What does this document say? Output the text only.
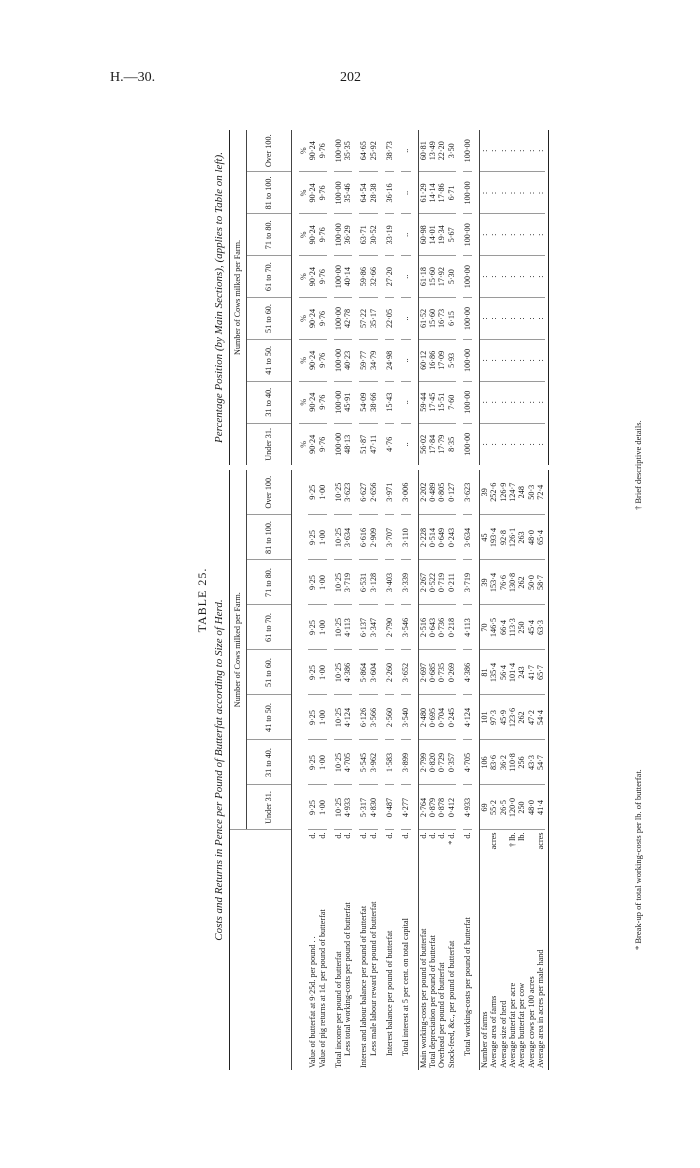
H.—30.	202
TABLE 25. Costs and Returns in Pence per Pound of Butterfat according to Size of Herd.
Percentage Position (by Main Sections), (applies to Table on left).
		Number of Cows milked per Farm.							
		Under 31.	31 to 40.	41 to 50.	51 to 60.	61 to 70.	71 to 80.	81 to 100.	Over 100.

Value of butterfat at 9·25d. per pound . .	d.	9·25	9·25	9·25	9·25	9·25	9·25	9·25	9·25
Value of pig returns at 1d. per pound of butterfat	d.	1·00	1·00	1·00	1·00	1·00	1·00	1·00	1·00

Total income per pound of butterfat	d.	10·25	10·25	10·25	10·25	10·25	10·25	10·25	10·25
Less total working-costs per pound of butterfat	d.	4·933	4·705	4·124	4·386	4·113	3·719	3·634	3·623

Interest and labour balance per pound of butterfat	d.	5·317	5·545	6·126	5·864	6·137	6·531	6·616	6·627
Less male labour reward per pound of butterfat	d.	4·830	3·962	3·566	3·604	3·347	3·128	2·909	2·656

Interest balance per pound of butterfat	d.	0·487	1·583	2·560	2·260	2·790	3·403	3·707	3·971

Total interest at 5 per cent. on total capital	d.	4·277	3·899	3·540	3·652	3·546	3·339	3·110	3·006

Main working-costs per pound of butterfat	d.	2·764	2·799	2·480	2·697	2·516	2·267	2·228	2·202
Total depreciation per pound of butterfat	d.	0·879	0·820	0·695	0·685	0·643	0·522	0·514	0·489
Overhead per pound of butterfat	d.	0·878	0·729	0·704	0·735	0·736	0·719	0·649	0·805
Stock-feed, &c., per pound of butterfat	*d.	0·412	0·357	0·245	0·269	0·218	0·211	0·243	0·127

Total working-costs per pound of butterfat	d.	4·933	4·705	4·124	4·386	4·113	3·719	3·634	3·623

Number of farms		69	106	101	81	70	39	45	39
Average area of farms	acres	55·2	83·6	97·3	135·4	146·5	153·4	193·4	252·6
Average size of herd		26·5	36·2	45·9	56·4	66·4	76·6	92·8	126·9
Average butterfat per acre	†lb.	120·0	110·8	123·6	101·4	113·3	130·8	126·1	124·7
Average butterfat per cow	lb.	250	256	262	243	250	262	263	248
Average cows per 100 acres		48·0	43·3	47·2	41·7	45·4	50·0	48·0	50·3
Average area in acres per male hand	acres	41·4	54·7	54·4	65·7	63·3	58·7	65·4	72·4

Number of Cows milked per Farm.							
Under 31.	31 to 40.	41 to 50.	51 to 60.	61 to 70.	71 to 80.	81 to 100.	Over 100.

%	%	%	%	%	%	%	%
90·24	90·24	90·24	90·24	90·24	90·24	90·24	90·24
9·76	9·76	9·76	9·76	9·76	9·76	9·76	9·76

100·00	100·00	100·00	100·00	100·00	100·00	100·00	100·00
48·13	45·91	40·23	42·78	40·14	36·29	35·46	35·35

51·87	54·09	59·77	57·22	59·86	63·71	64·54	64·65
47·11	38·66	34·79	35·17	32·66	30·52	28·38	25·92

4·76	15·43	24·98	22·05	27·20	33·19	36·16	38·73

..	..	..	..	..	..	..	..

56·02	59·44	60·12	61·52	61·18	60·98	61·29	60·81
17·84	17·45	16·86	15·60	15·60	14·01	14·14	13·49
17·79	15·51	17·09	16·73	17·92	19·34	17·86	22·20
8·35	7·60	5·93	6·15	5·30	5·67	6·71	3·50

100·00	100·00	100·00	100·00	100·00	100·00	100·00	100·00

:	:	:	:	:	:	:	:
:	:	:	:	:	:	:	:
:	:	:	:	:	:	:	:
:	:	:	:	:	:	:	:
:	:	:	:	:	:	:	:
:	:	:	:	:	:	:	:
:	:	:	:	:	:	:	:

* Break-up of total working-costs per lb. of butterfat.
† Brief descriptive details.
